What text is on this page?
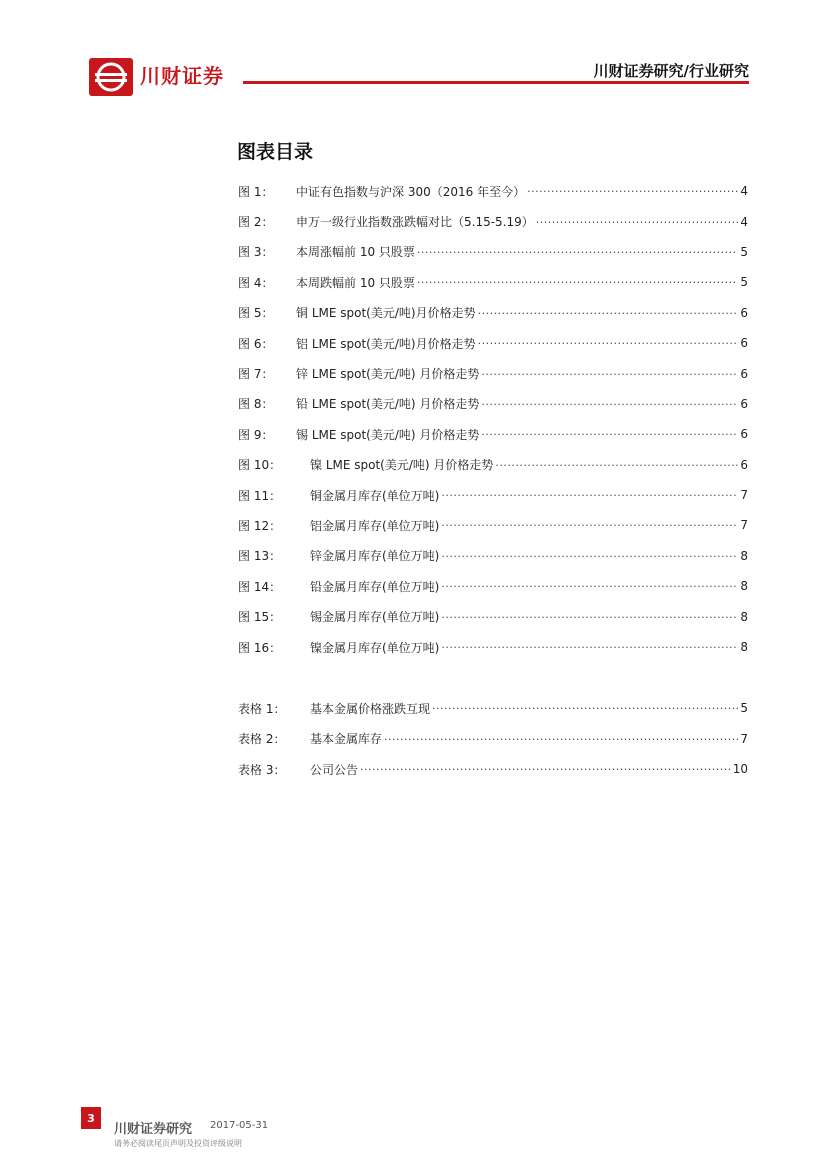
川财证券	川财证券研究/行业研究
图表目录
图 1：	中证有色指数与沪深 300（2016 年至今） .....	4
图 2：	申万一级行业指数涨跌幅对比（5.15-5.19） .....	4
图 3：	本周涨幅前 10 只股票 .....	5
图 4：	本周跌幅前 10 只股票 .....	5
图 5：	铜 LME spot(美元/吨)月价格走势 .....	6
图 6：	铝 LME spot(美元/吨)月价格走势 .....	6
图 7：	锌 LME spot(美元/吨) 月价格走势 .....	6
图 8：	铅 LME spot(美元/吨) 月价格走势 .....	6
图 9：	锡 LME spot(美元/吨) 月价格走势 .....	6
图 10：	镍 LME spot(美元/吨) 月价格走势 .....	6
图 11：	铜金属月库存(单位万吨) .....	7
图 12：	铝金属月库存(单位万吨) .....	7
图 13：	锌金属月库存(单位万吨) .....	8
图 14：	铅金属月库存(单位万吨) .....	8
图 15：	锡金属月库存(单位万吨) .....	8
图 16：	镍金属月库存(单位万吨) .....	8
表格 1：	基本金属价格涨跌互现 .....	5
表格 2：	基本金属库存 .....	7
表格 3：	公司公告 .....	10
3
川财证券研究 2017-05-31
请务必阅读尾页声明及投资评级说明
